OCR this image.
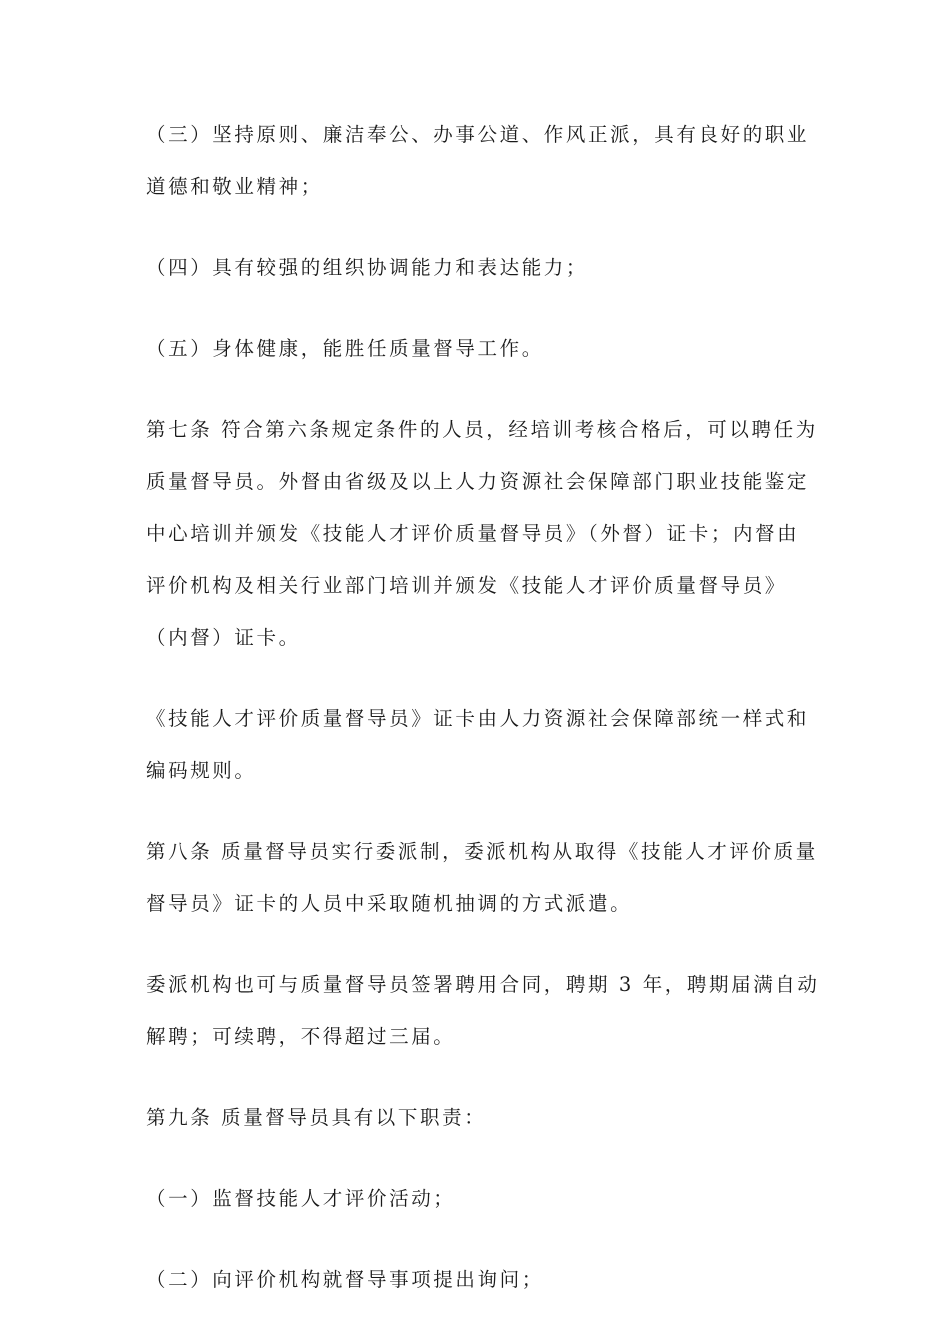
（三）坚持原则、廉洁奉公、办事公道、作风正派，具有良好的职业
道德和敬业精神；

（四）具有较强的组织协调能力和表达能力；

（五）身体健康，能胜任质量督导工作。

第七条 符合第六条规定条件的人员，经培训考核合格后，可以聘任为
质量督导员。外督由省级及以上人力资源社会保障部门职业技能鉴定
中心培训并颁发《技能人才评价质量督导员》（外督）证卡；内督由
评价机构及相关行业部门培训并颁发《技能人才评价质量督导员》
（内督）证卡。

《技能人才评价质量督导员》证卡由人力资源社会保障部统一样式和
编码规则。

第八条 质量督导员实行委派制，委派机构从取得《技能人才评价质量
督导员》证卡的人员中采取随机抽调的方式派遣。

委派机构也可与质量督导员签署聘用合同，聘期 3 年，聘期届满自动
解聘；可续聘，不得超过三届。

第九条 质量督导员具有以下职责：

（一）监督技能人才评价活动；

（二）向评价机构就督导事项提出询问；
